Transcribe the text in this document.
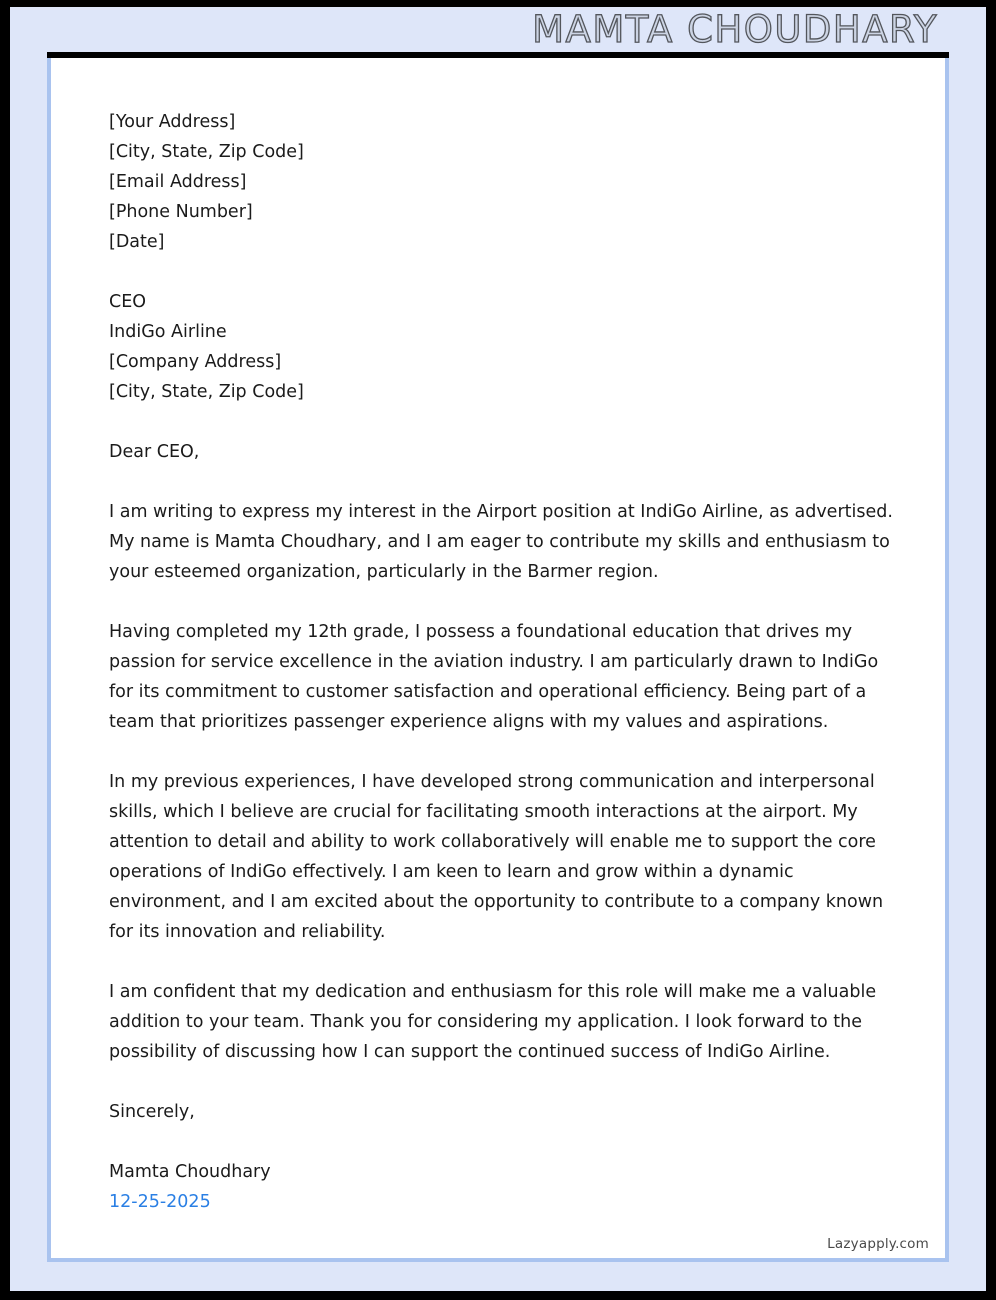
MAMTA CHOUDHARY
[Your Address]
[City, State, Zip Code]
[Email Address]
[Phone Number]
[Date]
CEO
IndiGo Airline
[Company Address]
[City, State, Zip Code]
Dear CEO,

I am writing to express my interest in the Airport position at IndiGo Airline, as advertised. My name is Mamta Choudhary, and I am eager to contribute my skills and enthusiasm to your esteemed organization, particularly in the Barmer region.

Having completed my 12th grade, I possess a foundational education that drives my passion for service excellence in the aviation industry. I am particularly drawn to IndiGo for its commitment to customer satisfaction and operational efficiency. Being part of a team that prioritizes passenger experience aligns with my values and aspirations.

In my previous experiences, I have developed strong communication and interpersonal skills, which I believe are crucial for facilitating smooth interactions at the airport. My attention to detail and ability to work collaboratively will enable me to support the core operations of IndiGo effectively. I am keen to learn and grow within a dynamic environment, and I am excited about the opportunity to contribute to a company known for its innovation and reliability.

I am confident that my dedication and enthusiasm for this role will make me a valuable addition to your team. Thank you for considering my application. I look forward to the possibility of discussing how I can support the continued success of IndiGo Airline.

Sincerely,
Mamta Choudhary
12-25-2025
Lazyapply.com
